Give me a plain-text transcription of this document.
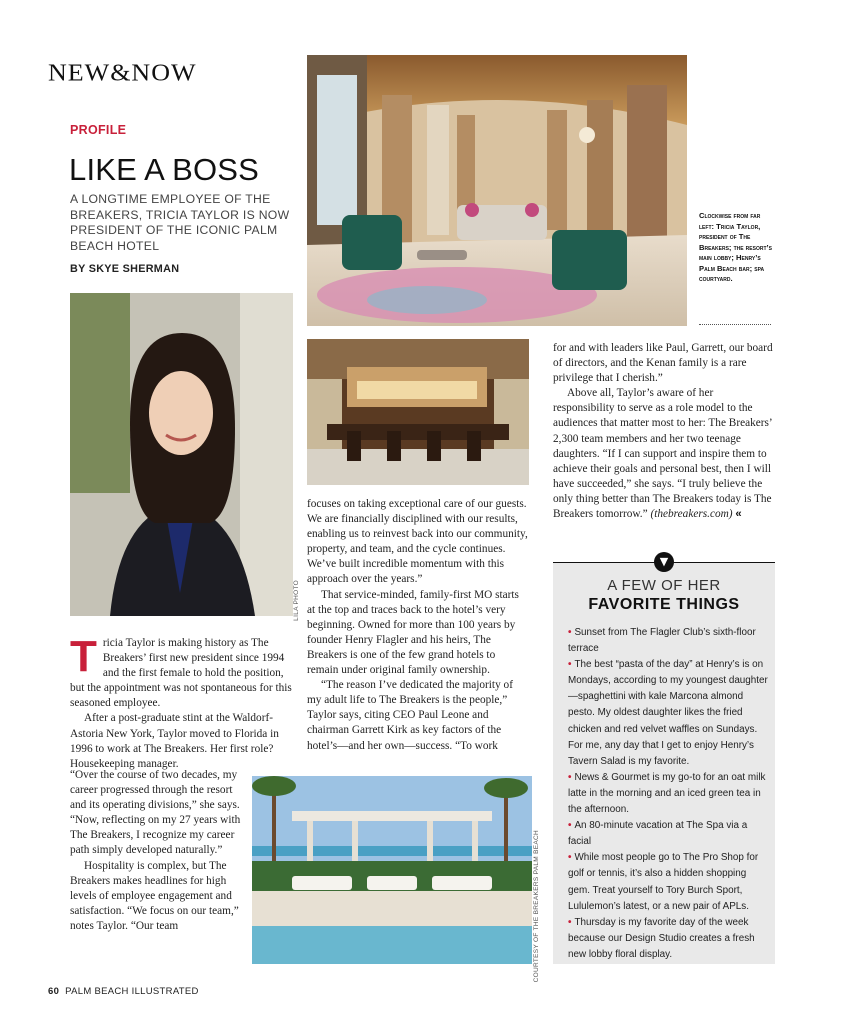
NEW&NOW
PROFILE
LIKE A BOSS
A LONGTIME EMPLOYEE OF THE BREAKERS, TRICIA TAYLOR IS NOW PRESIDENT OF THE ICONIC PALM BEACH HOTEL
BY SKYE SHERMAN
Clockwise from far left: Tricia Taylor, president of The Breakers; the resort’s main lobby; Henry’s Palm Beach bar; spa courtyard.
LILA PHOTO
COURTESY OF THE BREAKERS PALM BEACH

Tricia Taylor is making history as The Breakers’ first new president since 1994 and the first female to hold the position, but the appointment was not spontaneous for this seasoned employee.

After a post-graduate stint at the Waldorf-Astoria New York, Taylor moved to Florida in 1996 to work at The Breakers. Her first role? Housekeeping manager.

“Over the course of two decades, my career progressed through the resort and its operating divisions,” she says. “Now, reflecting on my 27 years with The Breakers, I recognize my career path simply developed naturally.”

Hospitality is complex, but The Breakers makes headlines for high levels of employee engagement and satisfaction. “We focus on our team,” notes Taylor. “Our team

focuses on taking exceptional care of our guests. We are financially disciplined with our results, enabling us to reinvest back into our community, property, and team, and the cycle continues. We’ve built incredible momentum with this approach over the years.”

That service-minded, family-first MO starts at the top and traces back to the hotel’s very beginning. Owned for more than 100 years by founder Henry Flagler and his heirs, The Breakers is one of the few grand hotels to remain under original family ownership.

“The reason I’ve dedicated the majority of my adult life to The Breakers is the people,” Taylor says, citing CEO Paul Leone and chairman Garrett Kirk as key factors of the hotel’s—and her own—success. “To work

for and with leaders like Paul, Garrett, our board of directors, and the Kenan family is a rare privilege that I cherish.”

Above all, Taylor’s aware of her responsibility to serve as a role model to the audiences that matter most to her: The Breakers’ 2,300 team members and her two teenage daughters. “If I can support and inspire them to achieve their goals and personal best, then I will have succeeded,” she says. “I truly believe the only thing better than The Breakers today is The Breakers tomorrow.” (thebreakers.com) «

▼
A FEW OF HER
FAVORITE THINGS
• Sunset from The Flagler Club’s sixth-floor terrace
• The best “pasta of the day” at Henry’s is on Mondays, according to my youngest daughter—spaghettini with kale Marcona almond pesto. My oldest daughter likes the fried chicken and red velvet waffles on Sundays. For me, any day that I get to enjoy Henry’s Tavern Salad is my favorite.
• News & Gourmet is my go-to for an oat milk latte in the morning and an iced green tea in the afternoon.
• An 80-minute vacation at The Spa via a facial
• While most people go to The Pro Shop for golf or tennis, it’s also a hidden shopping gem. Treat yourself to Tory Burch Sport, Lululemon’s latest, or a new pair of APLs.
• Thursday is my favorite day of the week because our Design Studio creates a fresh new lobby floral display.
60 PALM BEACH ILLUSTRATED
